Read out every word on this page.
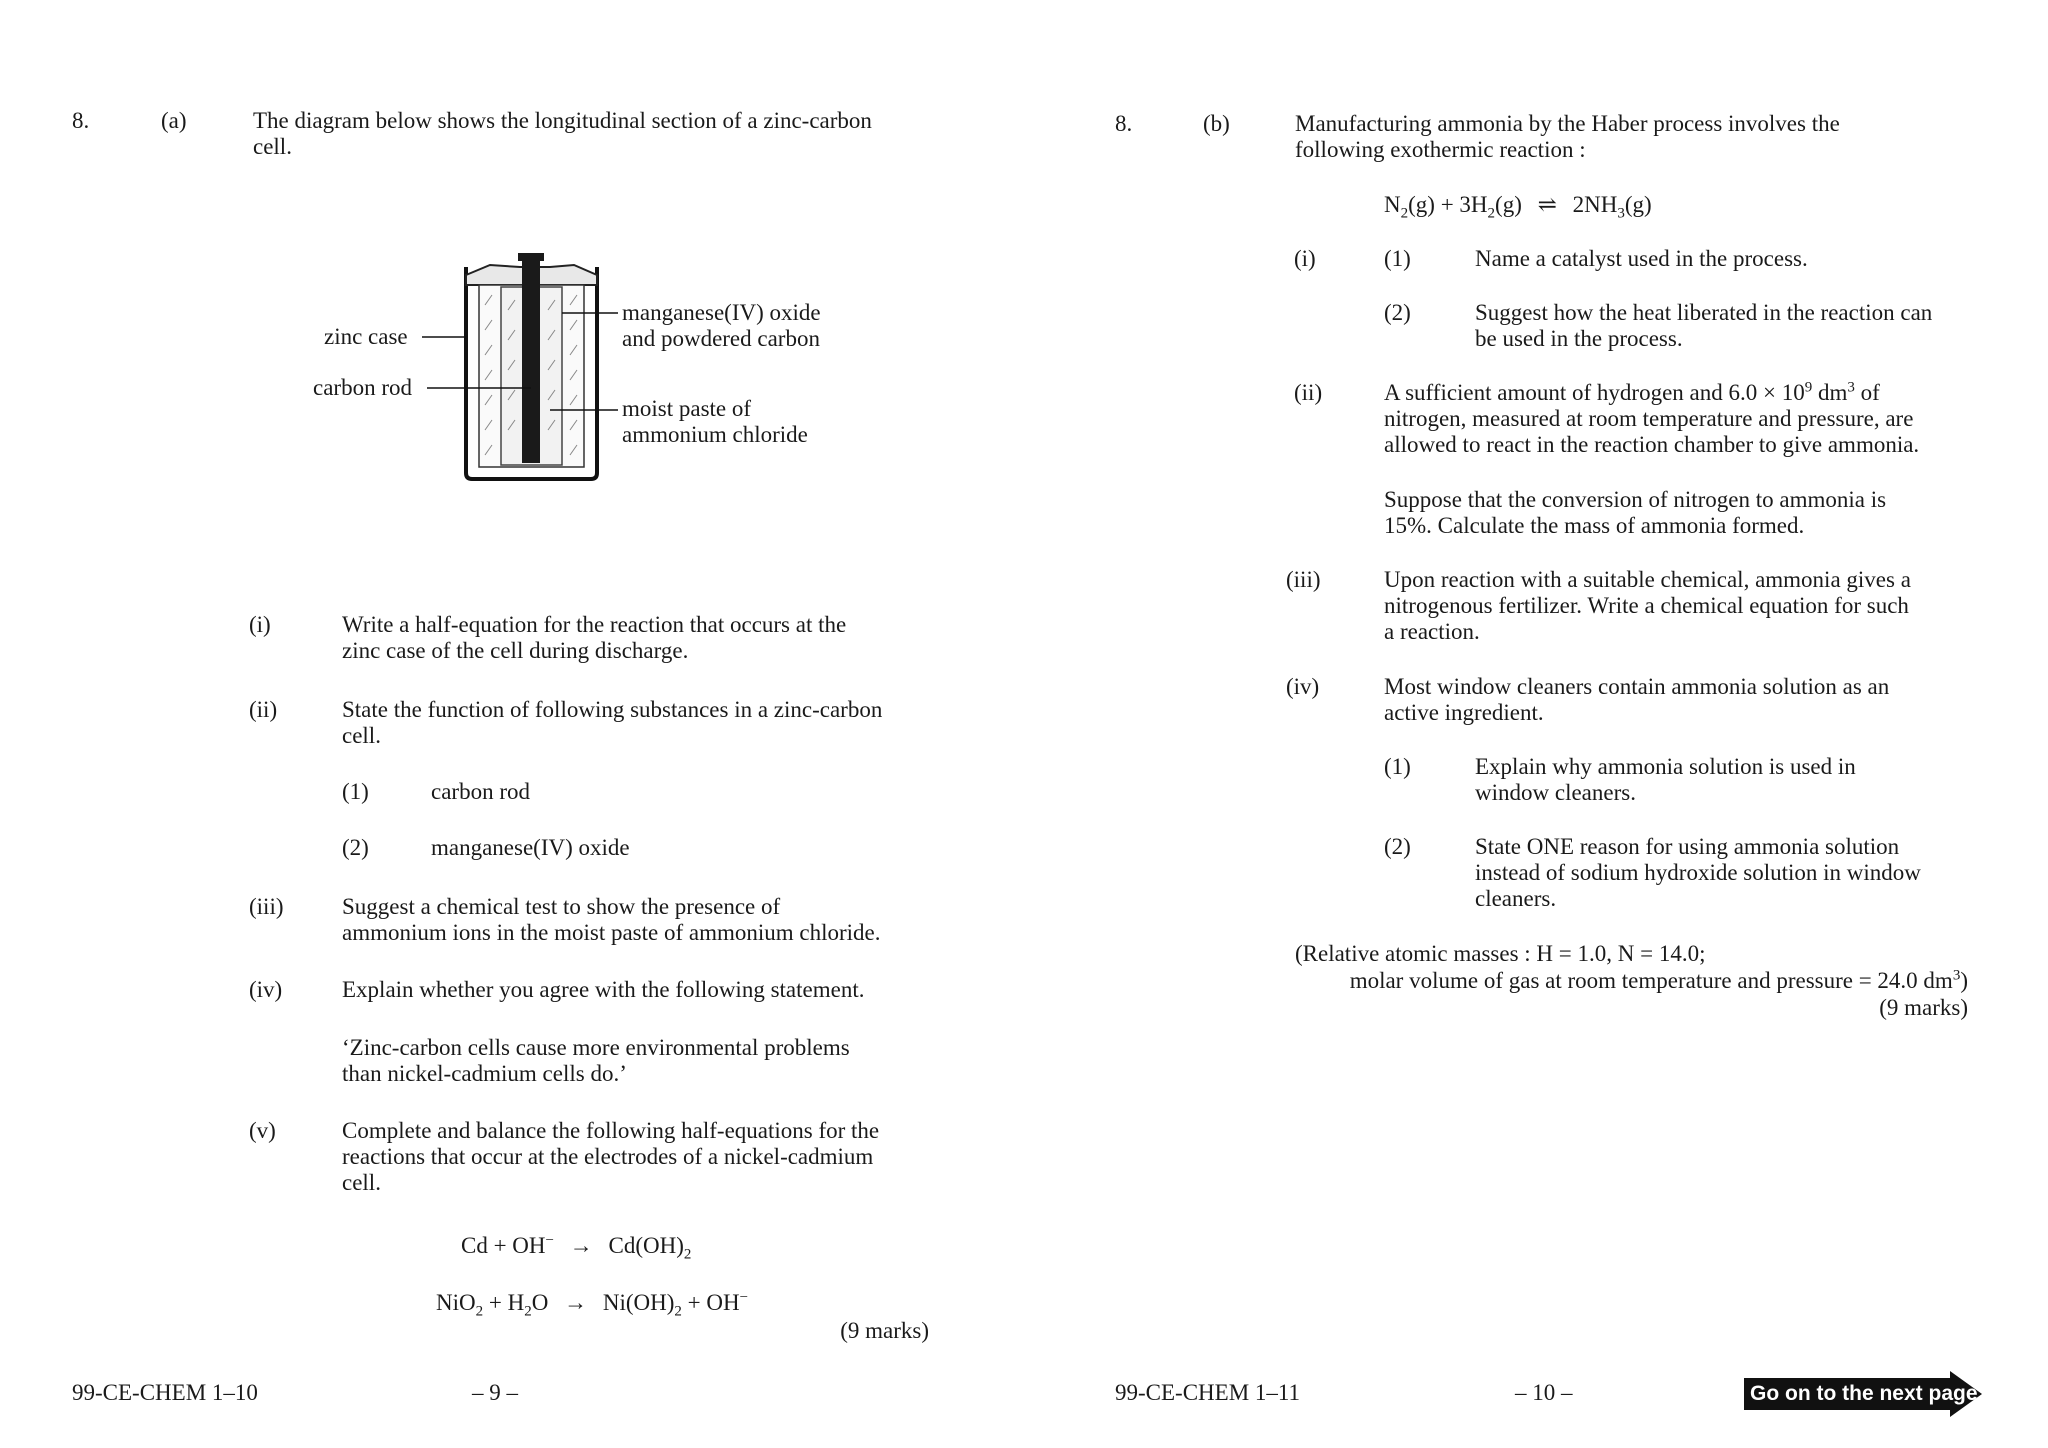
8.	(a)	The diagram below shows the longitudinal section of a zinc-carbon
cell.
zinc case
carbon rod
manganese(IV) oxide
and powdered carbon
moist paste of
ammonium chloride
(i)	Write a half-equation for the reaction that occurs at the
zinc case of the cell during discharge.
(ii)	State the function of following substances in a zinc-carbon
cell.
(1)	carbon rod
(2)	manganese(IV) oxide
(iii)	Suggest a chemical test to show the presence of
ammonium ions in the moist paste of ammonium chloride.
(iv)	Explain whether you agree with the following statement.
‘Zinc-carbon cells cause more environmental problems
than nickel-cadmium cells do.’
(v)	Complete and balance the following half-equations for the
reactions that occur at the electrodes of a nickel-cadmium
cell.
$Cd + OH^- \to Cd(OH)_2$
$NiO_2 + H_2O \to Ni(OH)_2 + OH^-$
(9 marks)
99-CE-CHEM 1–10	– 9 –
8.	(b)	Manufacturing ammonia by the Haber process involves the
following exothermic reaction :
$N_2(g) + 3H_2(g)$ ⇌ $2NH_3(g)$
(i)	(1)	Name a catalyst used in the process.
(2)	Suggest how the heat liberated in the reaction can
be used in the process.
(ii)	A sufficient amount of hydrogen and $6.0 \times 10^9$ $dm^3$ of
nitrogen, measured at room temperature and pressure, are
allowed to react in the reaction chamber to give ammonia.
Suppose that the conversion of nitrogen to ammonia is
15%. Calculate the mass of ammonia formed.
(iii)	Upon reaction with a suitable chemical, ammonia gives a
nitrogenous fertilizer. Write a chemical equation for such
a reaction.
(iv)	Most window cleaners contain ammonia solution as an
active ingredient.
(1)	Explain why ammonia solution is used in
window cleaners.
(2)	State ONE reason for using ammonia solution
instead of sodium hydroxide solution in window
cleaners.
(Relative atomic masses : H = 1.0, N = 14.0;
molar volume of gas at room temperature and pressure = 24.0 $dm^3$)
(9 marks)
99-CE-CHEM 1–11	– 10 –	Go on to the next page
